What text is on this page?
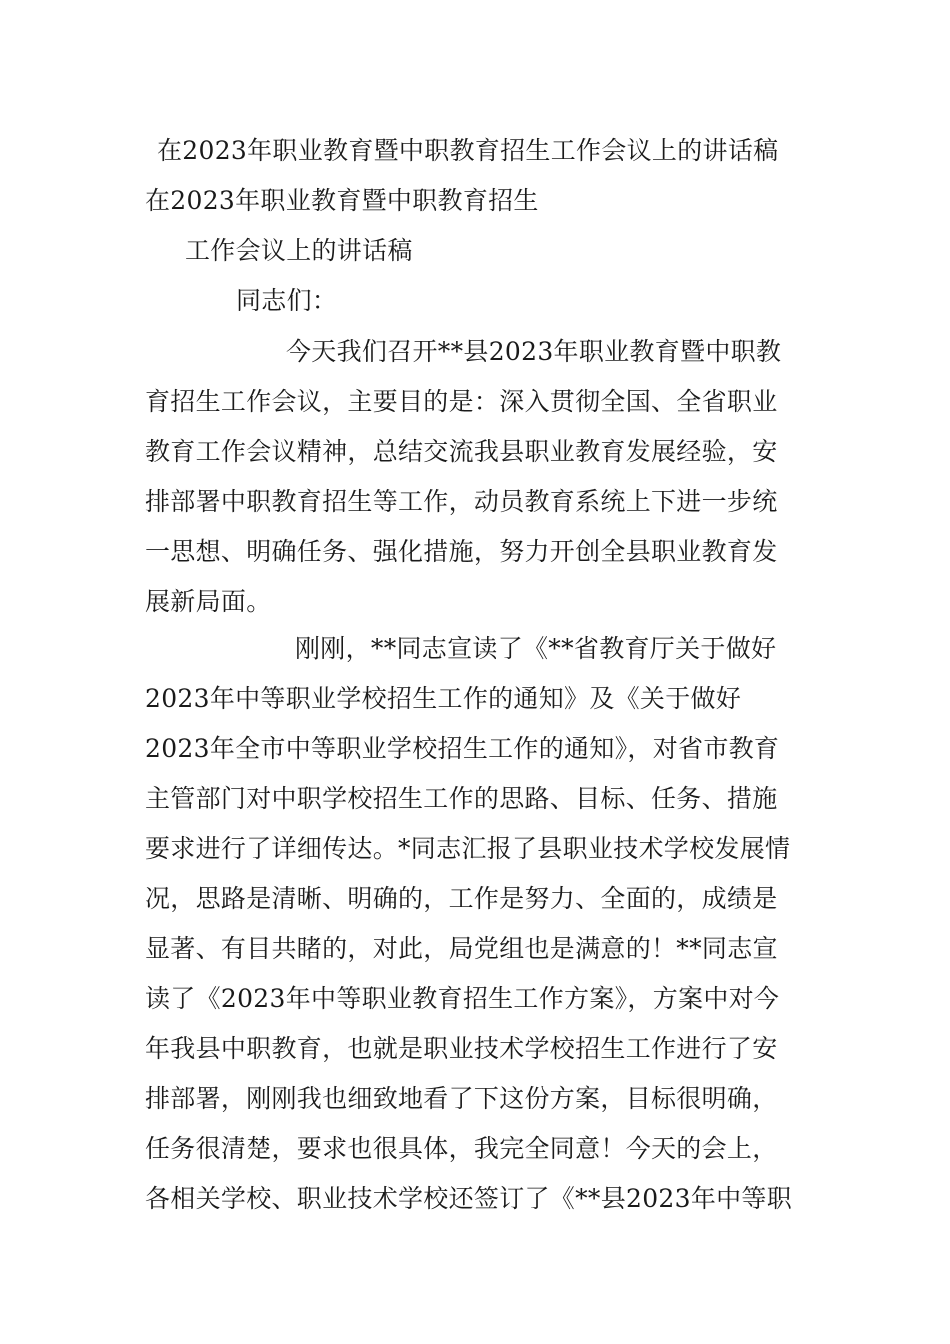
在2023年职业教育暨中职教育招生工作会议上的讲话稿
在2023年职业教育暨中职教育招生
工作会议上的讲话稿
同志们：
今天我们召开**县2023年职业教育暨中职教
育招生工作会议，主要目的是：深入贯彻全国、全省职业
教育工作会议精神，总结交流我县职业教育发展经验，安
排部署中职教育招生等工作，动员教育系统上下进一步统
一思想、明确任务、强化措施，努力开创全县职业教育发
展新局面。
刚刚，**同志宣读了《**省教育厅关于做好
2023年中等职业学校招生工作的通知》及《关于做好
2023年全市中等职业学校招生工作的通知》，对省市教育
主管部门对中职学校招生工作的思路、目标、任务、措施
要求进行了详细传达。*同志汇报了县职业技术学校发展情
况，思路是清晰、明确的，工作是努力、全面的，成绩是
显著、有目共睹的，对此，局党组也是满意的！**同志宣
读了《2023年中等职业教育招生工作方案》，方案中对今
年我县中职教育，也就是职业技术学校招生工作进行了安
排部署，刚刚我也细致地看了下这份方案，目标很明确，
任务很清楚，要求也很具体，我完全同意！今天的会上，
各相关学校、职业技术学校还签订了《**县2023年中等职
